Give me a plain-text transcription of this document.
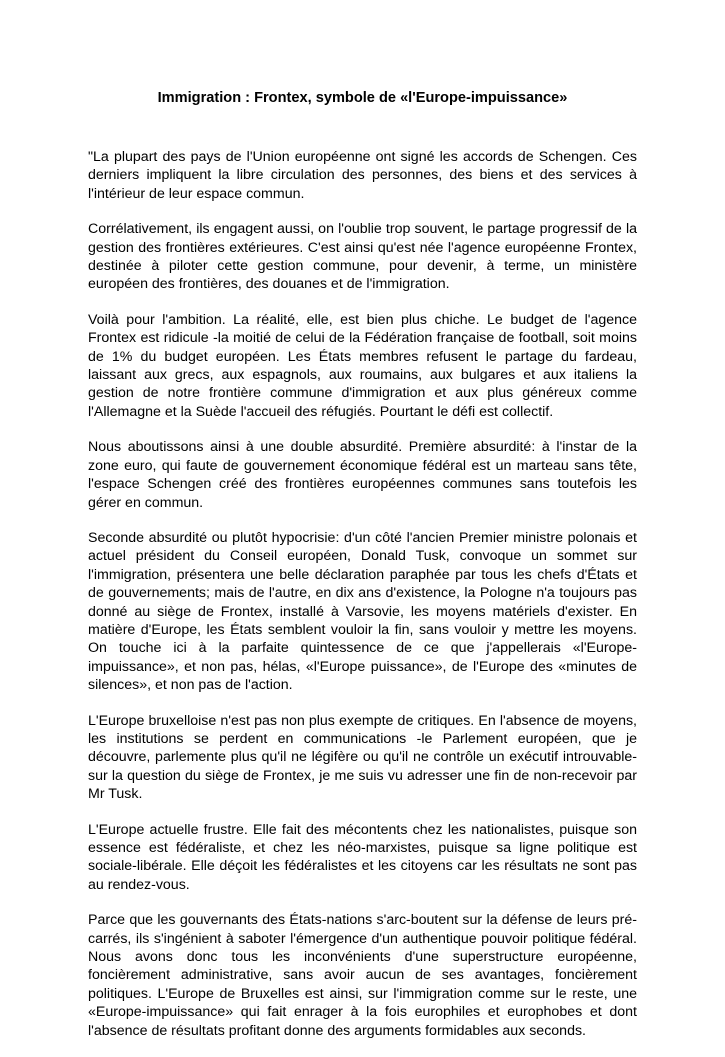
Immigration : Frontex, symbole de «l'Europe-impuissance»

"La plupart des pays de l'Union européenne ont signé les accords de Schengen. Ces derniers impliquent la libre circulation des personnes, des biens et des services à l'intérieur de leur espace commun.

Corrélativement, ils engagent aussi, on l'oublie trop souvent, le partage progressif de la gestion des frontières extérieures. C'est ainsi qu'est née l'agence européenne Frontex, destinée à piloter cette gestion commune, pour devenir, à terme, un ministère européen des frontières, des douanes et de l'immigration.

Voilà pour l'ambition. La réalité, elle, est bien plus chiche. Le budget de l'agence Frontex est ridicule -la moitié de celui de la Fédération française de football, soit moins de 1% du budget européen. Les États membres refusent le partage du fardeau, laissant aux grecs, aux espagnols, aux roumains, aux bulgares et aux italiens la gestion de notre frontière commune d'immigration et aux plus généreux comme l'Allemagne et la Suède l'accueil des réfugiés. Pourtant le défi est collectif.

Nous aboutissons ainsi à une double absurdité. Première absurdité: à l'instar de la zone euro, qui faute de gouvernement économique fédéral est un marteau sans tête, l'espace Schengen créé des frontières européennes communes sans toutefois les gérer en commun.

Seconde absurdité ou plutôt hypocrisie: d'un côté l'ancien Premier ministre polonais et actuel président du Conseil européen, Donald Tusk, convoque un sommet sur l'immigration, présentera une belle déclaration paraphée par tous les chefs d'États et de gouvernements; mais de l'autre, en dix ans d'existence, la Pologne n'a toujours pas donné au siège de Frontex, installé à Varsovie, les moyens matériels d'exister. En matière d'Europe, les États semblent vouloir la fin, sans vouloir y mettre les moyens. On touche ici à la parfaite quintessence de ce que j'appellerais «l'Europe-impuissance», et non pas, hélas, «l'Europe puissance», de l'Europe des «minutes de silences», et non pas de l'action.

L'Europe bruxelloise n'est pas non plus exempte de critiques. En l'absence de moyens, les institutions se perdent en communications -le Parlement européen, que je découvre, parlemente plus qu'il ne légifère ou qu'il ne contrôle un exécutif introuvable- sur la question du siège de Frontex, je me suis vu adresser une fin de non-recevoir par Mr Tusk.

L'Europe actuelle frustre. Elle fait des mécontents chez les nationalistes, puisque son essence est fédéraliste, et chez les néo-marxistes, puisque sa ligne politique est sociale-libérale. Elle déçoit les fédéralistes et les citoyens car les résultats ne sont pas au rendez-vous.

Parce que les gouvernants des États-nations s'arc-boutent sur la défense de leurs pré-carrés, ils s'ingénient à saboter l'émergence d'un authentique pouvoir politique fédéral. Nous avons donc tous les inconvénients d'une superstructure européenne, foncièrement administrative, sans avoir aucun de ses avantages, foncièrement politiques. L'Europe de Bruxelles est ainsi, sur l'immigration comme sur le reste, une «Europe-impuissance» qui fait enrager à la fois europhiles et europhobes et dont l'absence de résultats profitant donne des arguments formidables aux seconds.
